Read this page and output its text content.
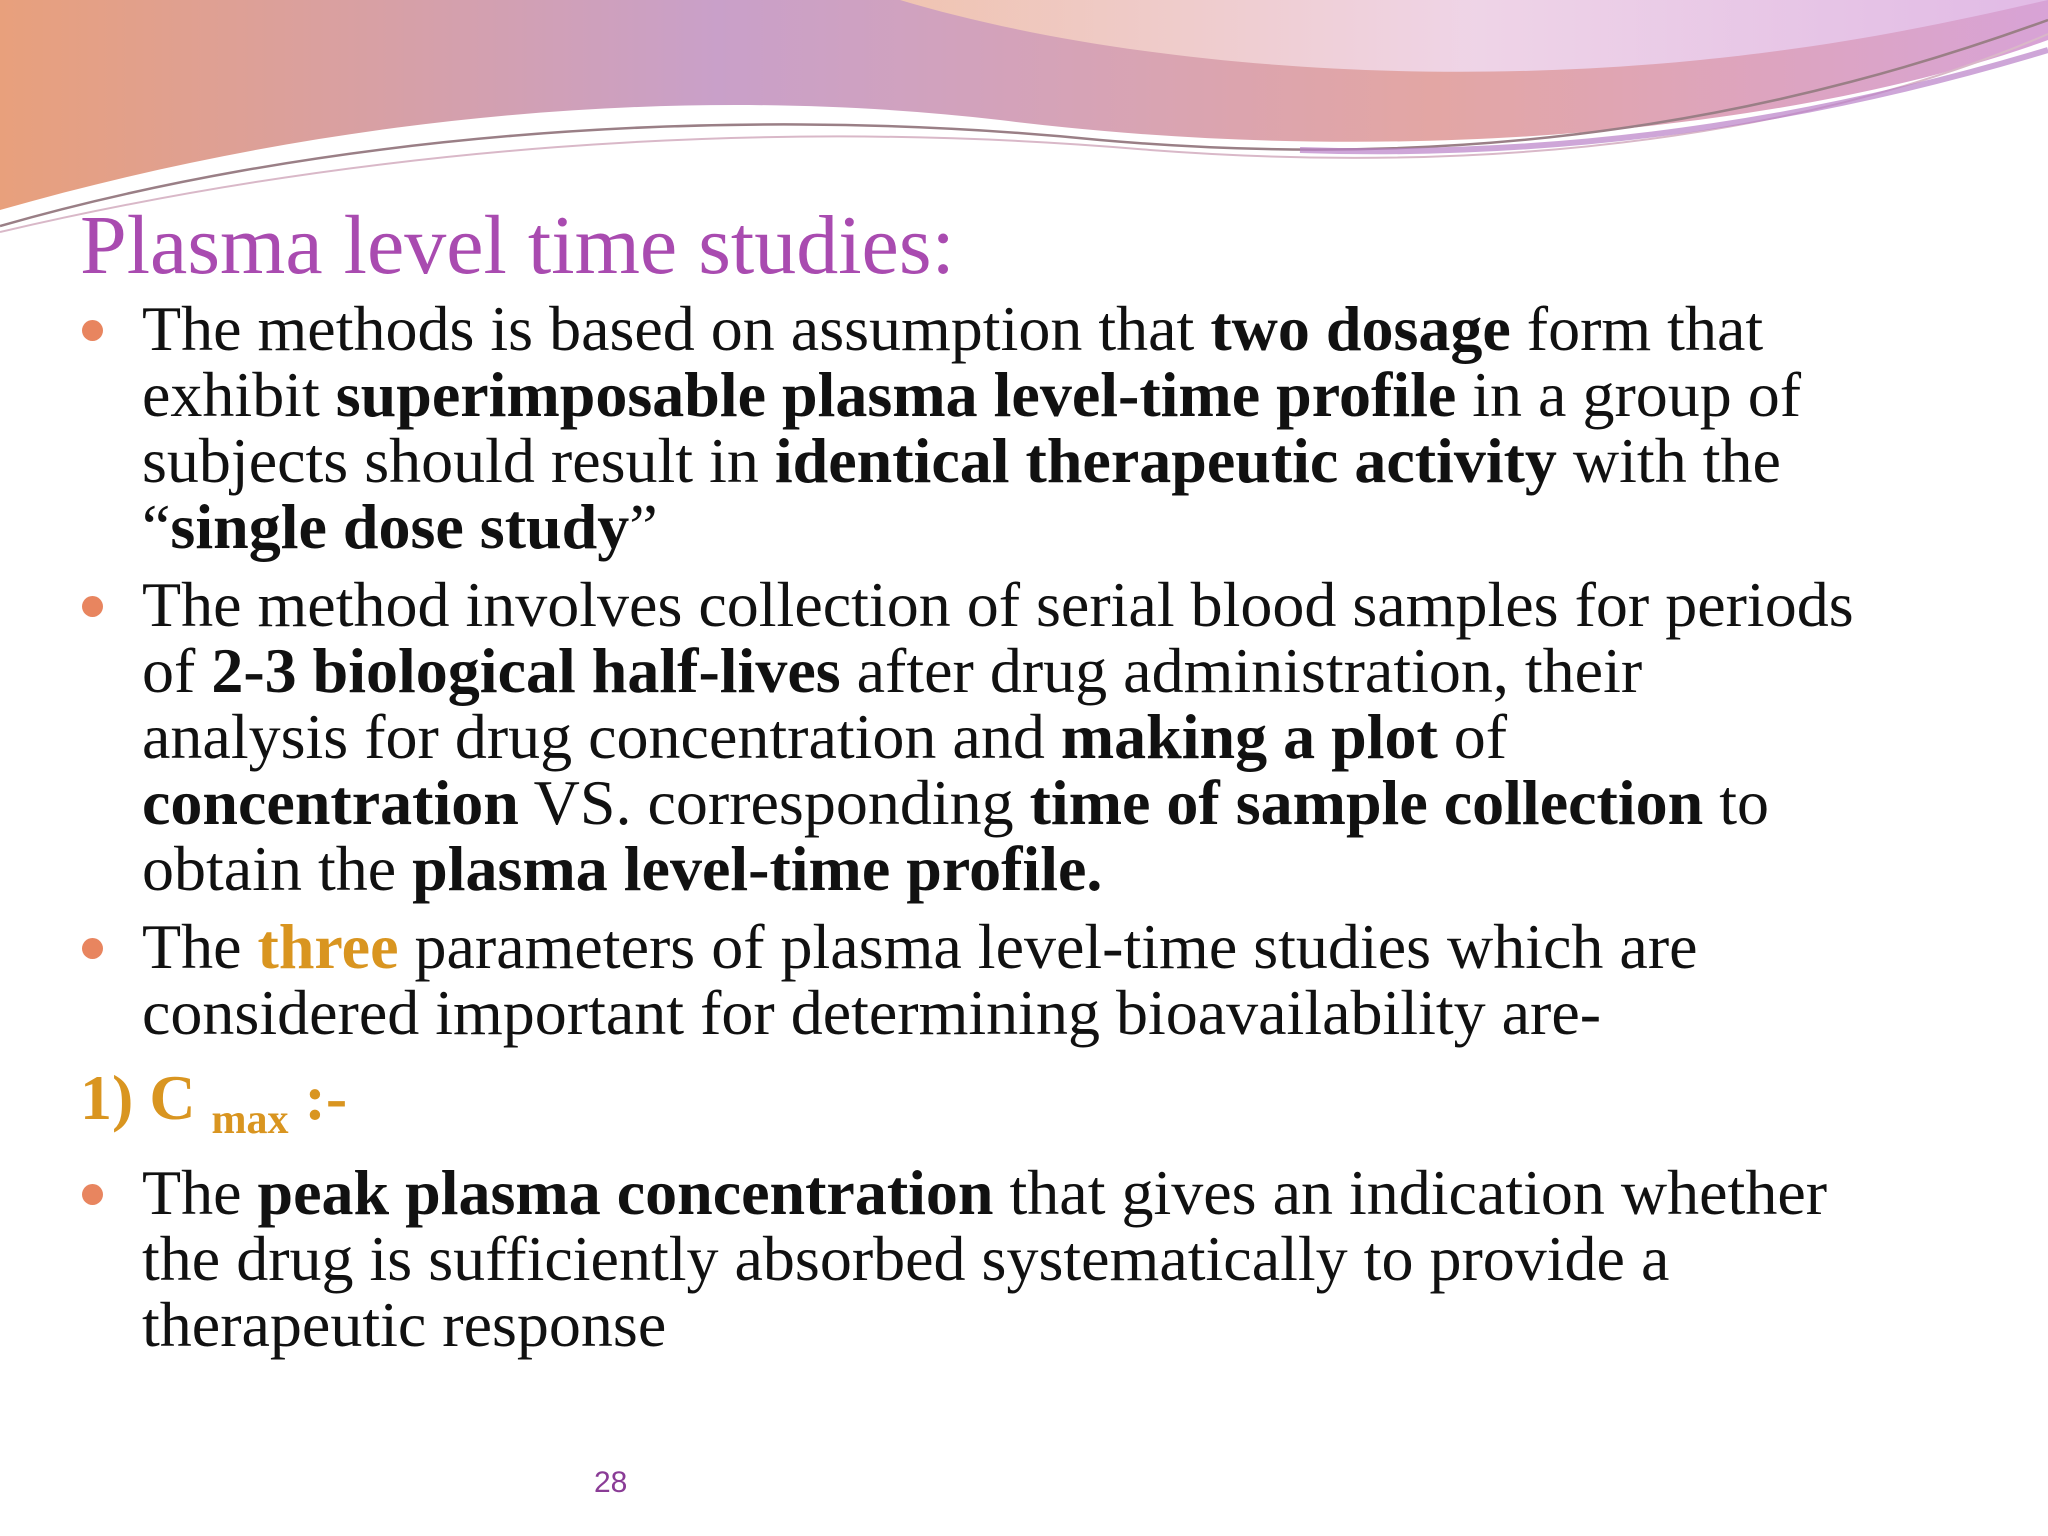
Plasma level time studies:
The methods is based on assumption that two dosage form that
exhibit superimposable plasma level-time profile in a group of
subjects should result in identical therapeutic activity with the
“single dose study”
The method involves collection of serial blood samples for periods
of 2-3 biological half-lives after drug administration, their
analysis for drug concentration and making a plot of
concentration VS. corresponding time of sample collection to
obtain the plasma level-time profile.
The three parameters of plasma level-time studies which are
considered important for determining bioavailability are-
1) C $_{max}$ :-
The peak plasma concentration that gives an indication whether
the drug is sufficiently absorbed systematically to provide a
therapeutic response
28
